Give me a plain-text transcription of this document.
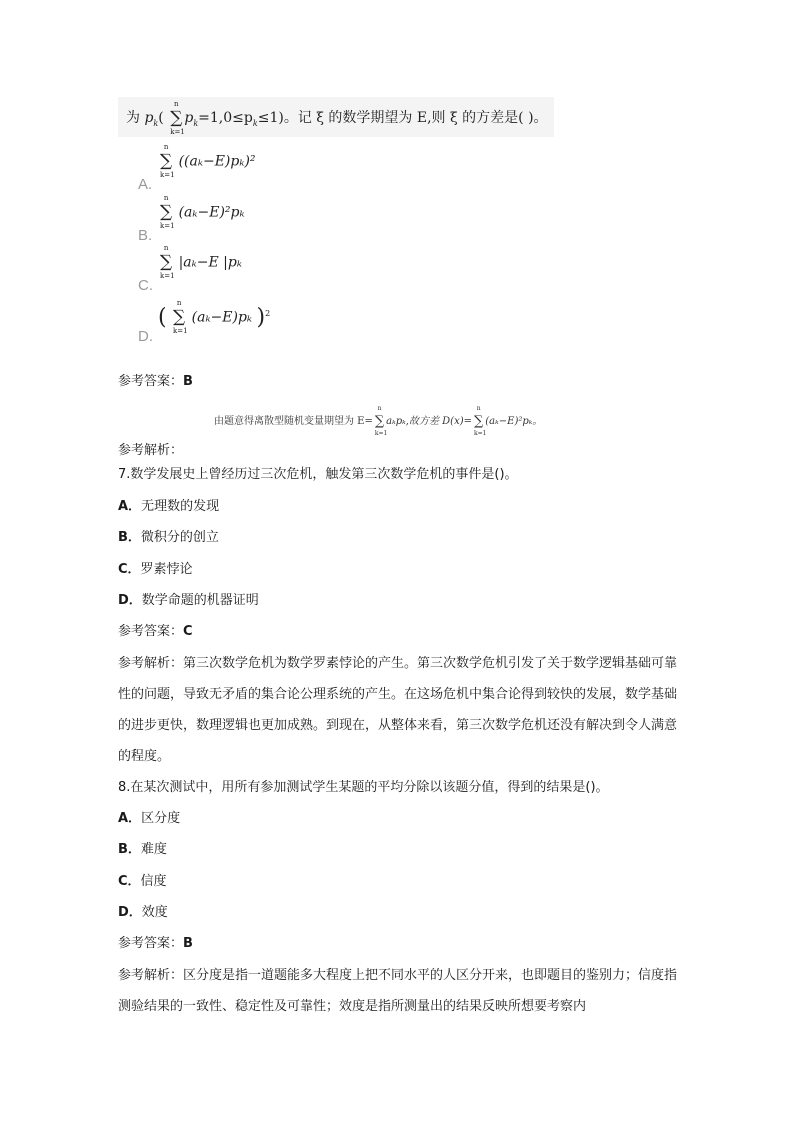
为 $p_k$( ∑
n
k=1
$p_k=1,0\le p_k\le 1$)。记 ξ 的数学期望为 E,则 ξ 的方差是( )。
A.
∑
n
k=1
((aₖ−E)pₖ)²
B.
∑
n
k=1
(aₖ−E)²pₖ
C.
∑
n
k=1
|aₖ−E |pₖ
D.
( ∑
n
k=1
(aₖ−E)pₖ )$^2$
参考答案：B
由题意得离散型随机变量期望为 E= ∑
n
k=1
aₖpₖ,故方差 D(x)= ∑
n
k=1
(aₖ−E)²pₖ。
参考解析：
7.数学发展史上曾经历过三次危机，触发第三次数学危机的事件是()。
A．无理数的发现
B．微积分的创立
C．罗素悖论
D．数学命题的机器证明
参考答案：C
参考解析：第三次数学危机为数学罗素悖论的产生。第三次数学危机引发了关于数学逻辑基础可靠性的问题，导致无矛盾的集合论公理系统的产生。在这场危机中集合论得到较快的发展，数学基础的进步更快，数理逻辑也更加成熟。到现在，从整体来看，第三次数学危机还没有解决到令人满意的程度。
8.在某次测试中，用所有参加测试学生某题的平均分除以该题分值，得到的结果是()。
A．区分度
B．难度
C．信度
D．效度
参考答案：B
参考解析：区分度是指一道题能多大程度上把不同水平的人区分开来，也即题目的鉴别力；信度指测验结果的一致性、稳定性及可靠性；效度是指所测量出的结果反映所想要考察内
